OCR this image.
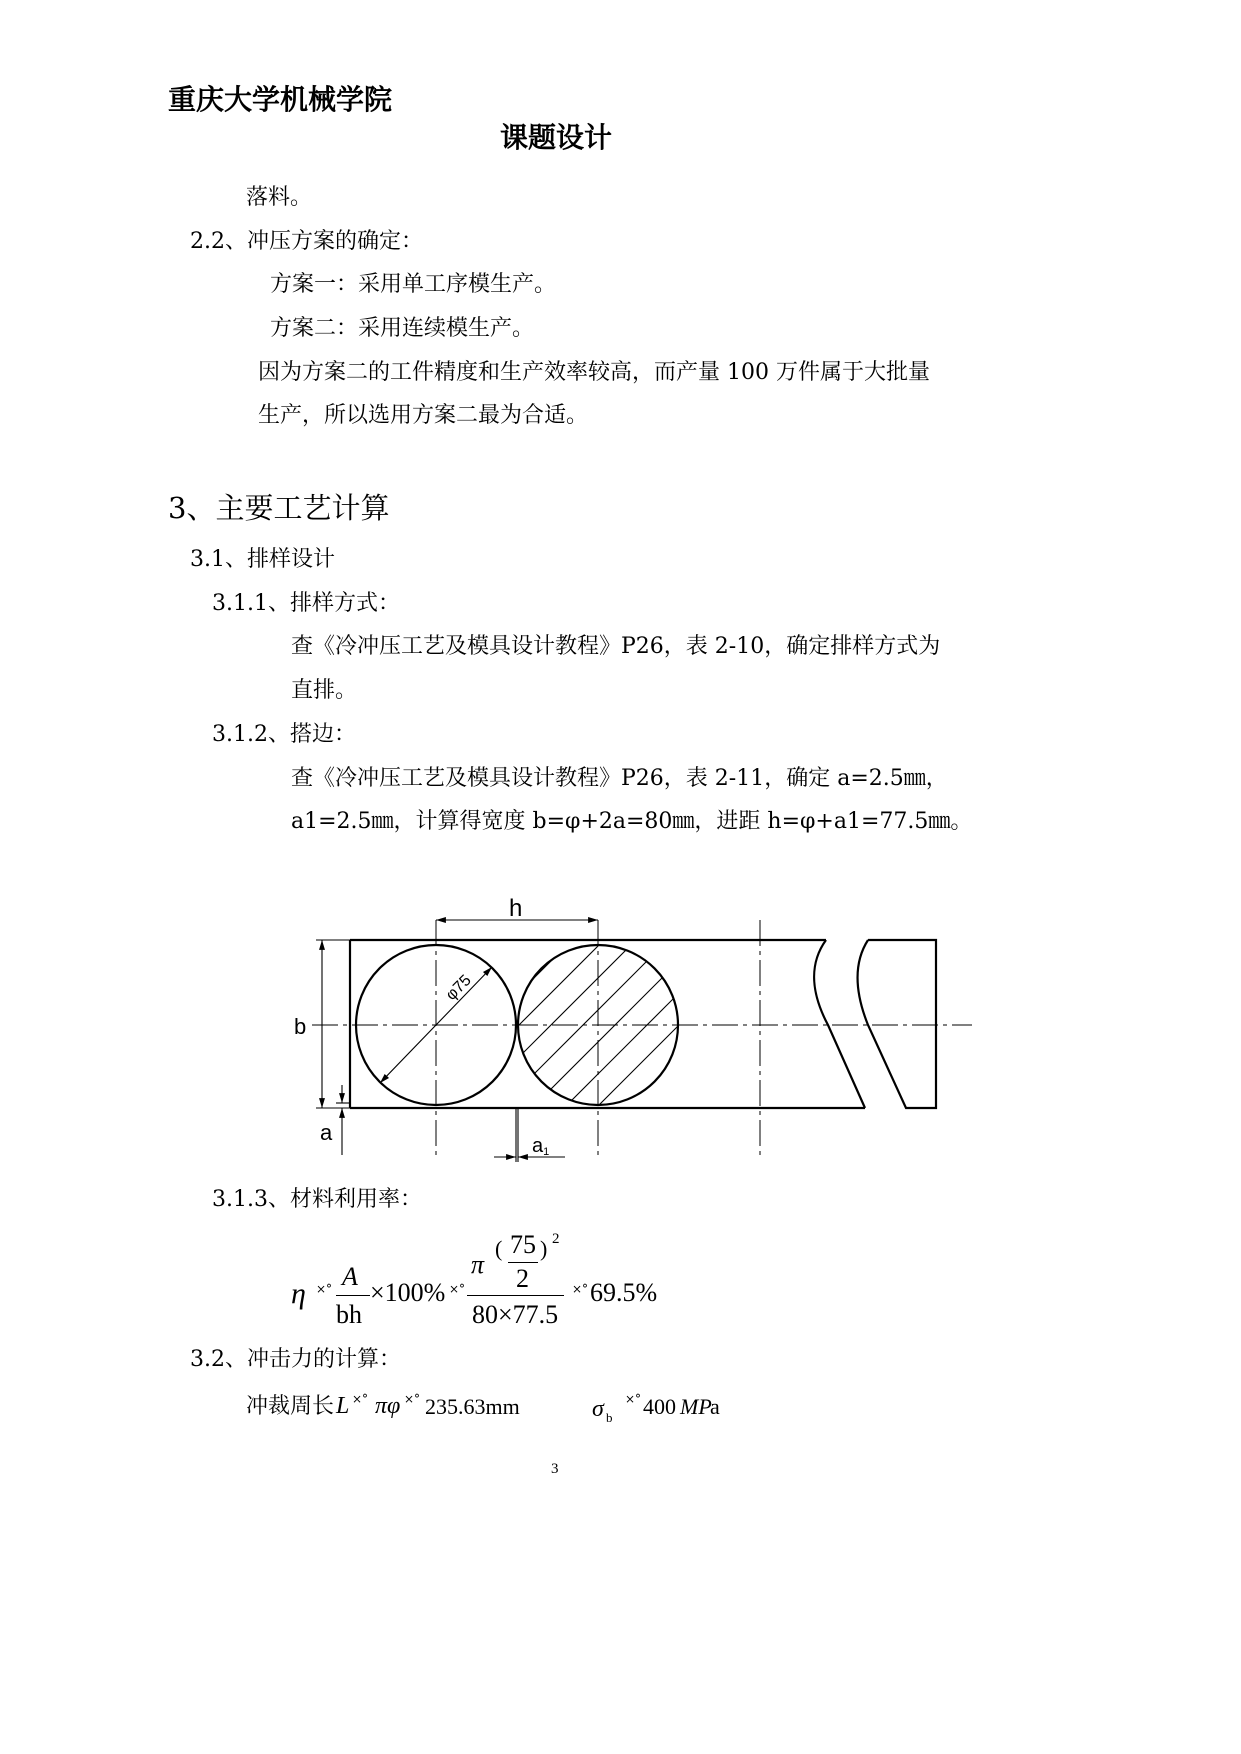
重庆大学机械学院
课题设计
落料。
2.2、冲压方案的确定：
方案一：采用单工序模生产。
方案二：采用连续模生产。
因为方案二的工件精度和生产效率较高，而产量 100 万件属于大批量
生产，所以选用方案二最为合适。
3、主要工艺计算
3.1、排样设计
3.1.1、排样方式：
查《冷冲压工艺及模具设计教程》P26，表 2-10，确定排样方式为
直排。
3.1.2、搭边：
查《冷冲压工艺及模具设计教程》P26，表 2-11，确定 a=2.5㎜，
a1=2.5㎜，计算得宽度 b=φ+2a=80㎜，进距 h=φ+a1=77.5㎜。
φ75
h
b
a
a1
3.1.3、材料利用率：
η ×° A
bh
×100% ×°
π
( 75
2
) 2
80×77.5
×° 69.5%
3.2、冲击力的计算：
冲裁周长 L ×° πφ ×° 235.63mm	σ b
×° 400 MP
a
3
